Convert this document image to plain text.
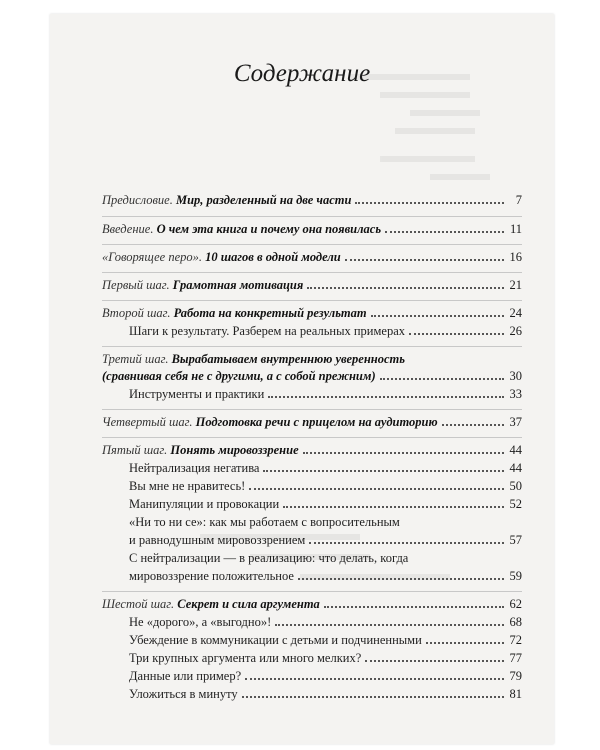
Содержание
Предисловие. Мир, разделенный на две части	7
Введение. О чем эта книга и почему она появилась	11
«Говорящее перо». 10 шагов в одной модели	16
Первый шаг. Грамотная мотивация	21
Второй шаг. Работа на конкретный результат	24
Шаги к результату. Разберем на реальных примерах	26
Третий шаг. Вырабатываем внутреннюю уверенность
(сравнивая себя не с другими, а с собой прежним)	30
Инструменты и практики	33
Четвертый шаг. Подготовка речи с прицелом на аудиторию	37
Пятый шаг. Понять мировоззрение	44
Нейтрализация негатива	44
Вы мне не нравитесь!	50
Манипуляции и провокации	52
«Ни то ни се»: как мы работаем с вопросительным
и равнодушным мировоззрением	57
С нейтрализации — в реализацию: что делать, когда
мировоззрение положительное	59
Шестой шаг. Секрет и сила аргумента	62
Не «дорого», а «выгодно»!	68
Убеждение в коммуникации с детьми и подчиненными	72
Три крупных аргумента или много мелких?	77
Данные или пример?	79
Уложиться в минуту	81
